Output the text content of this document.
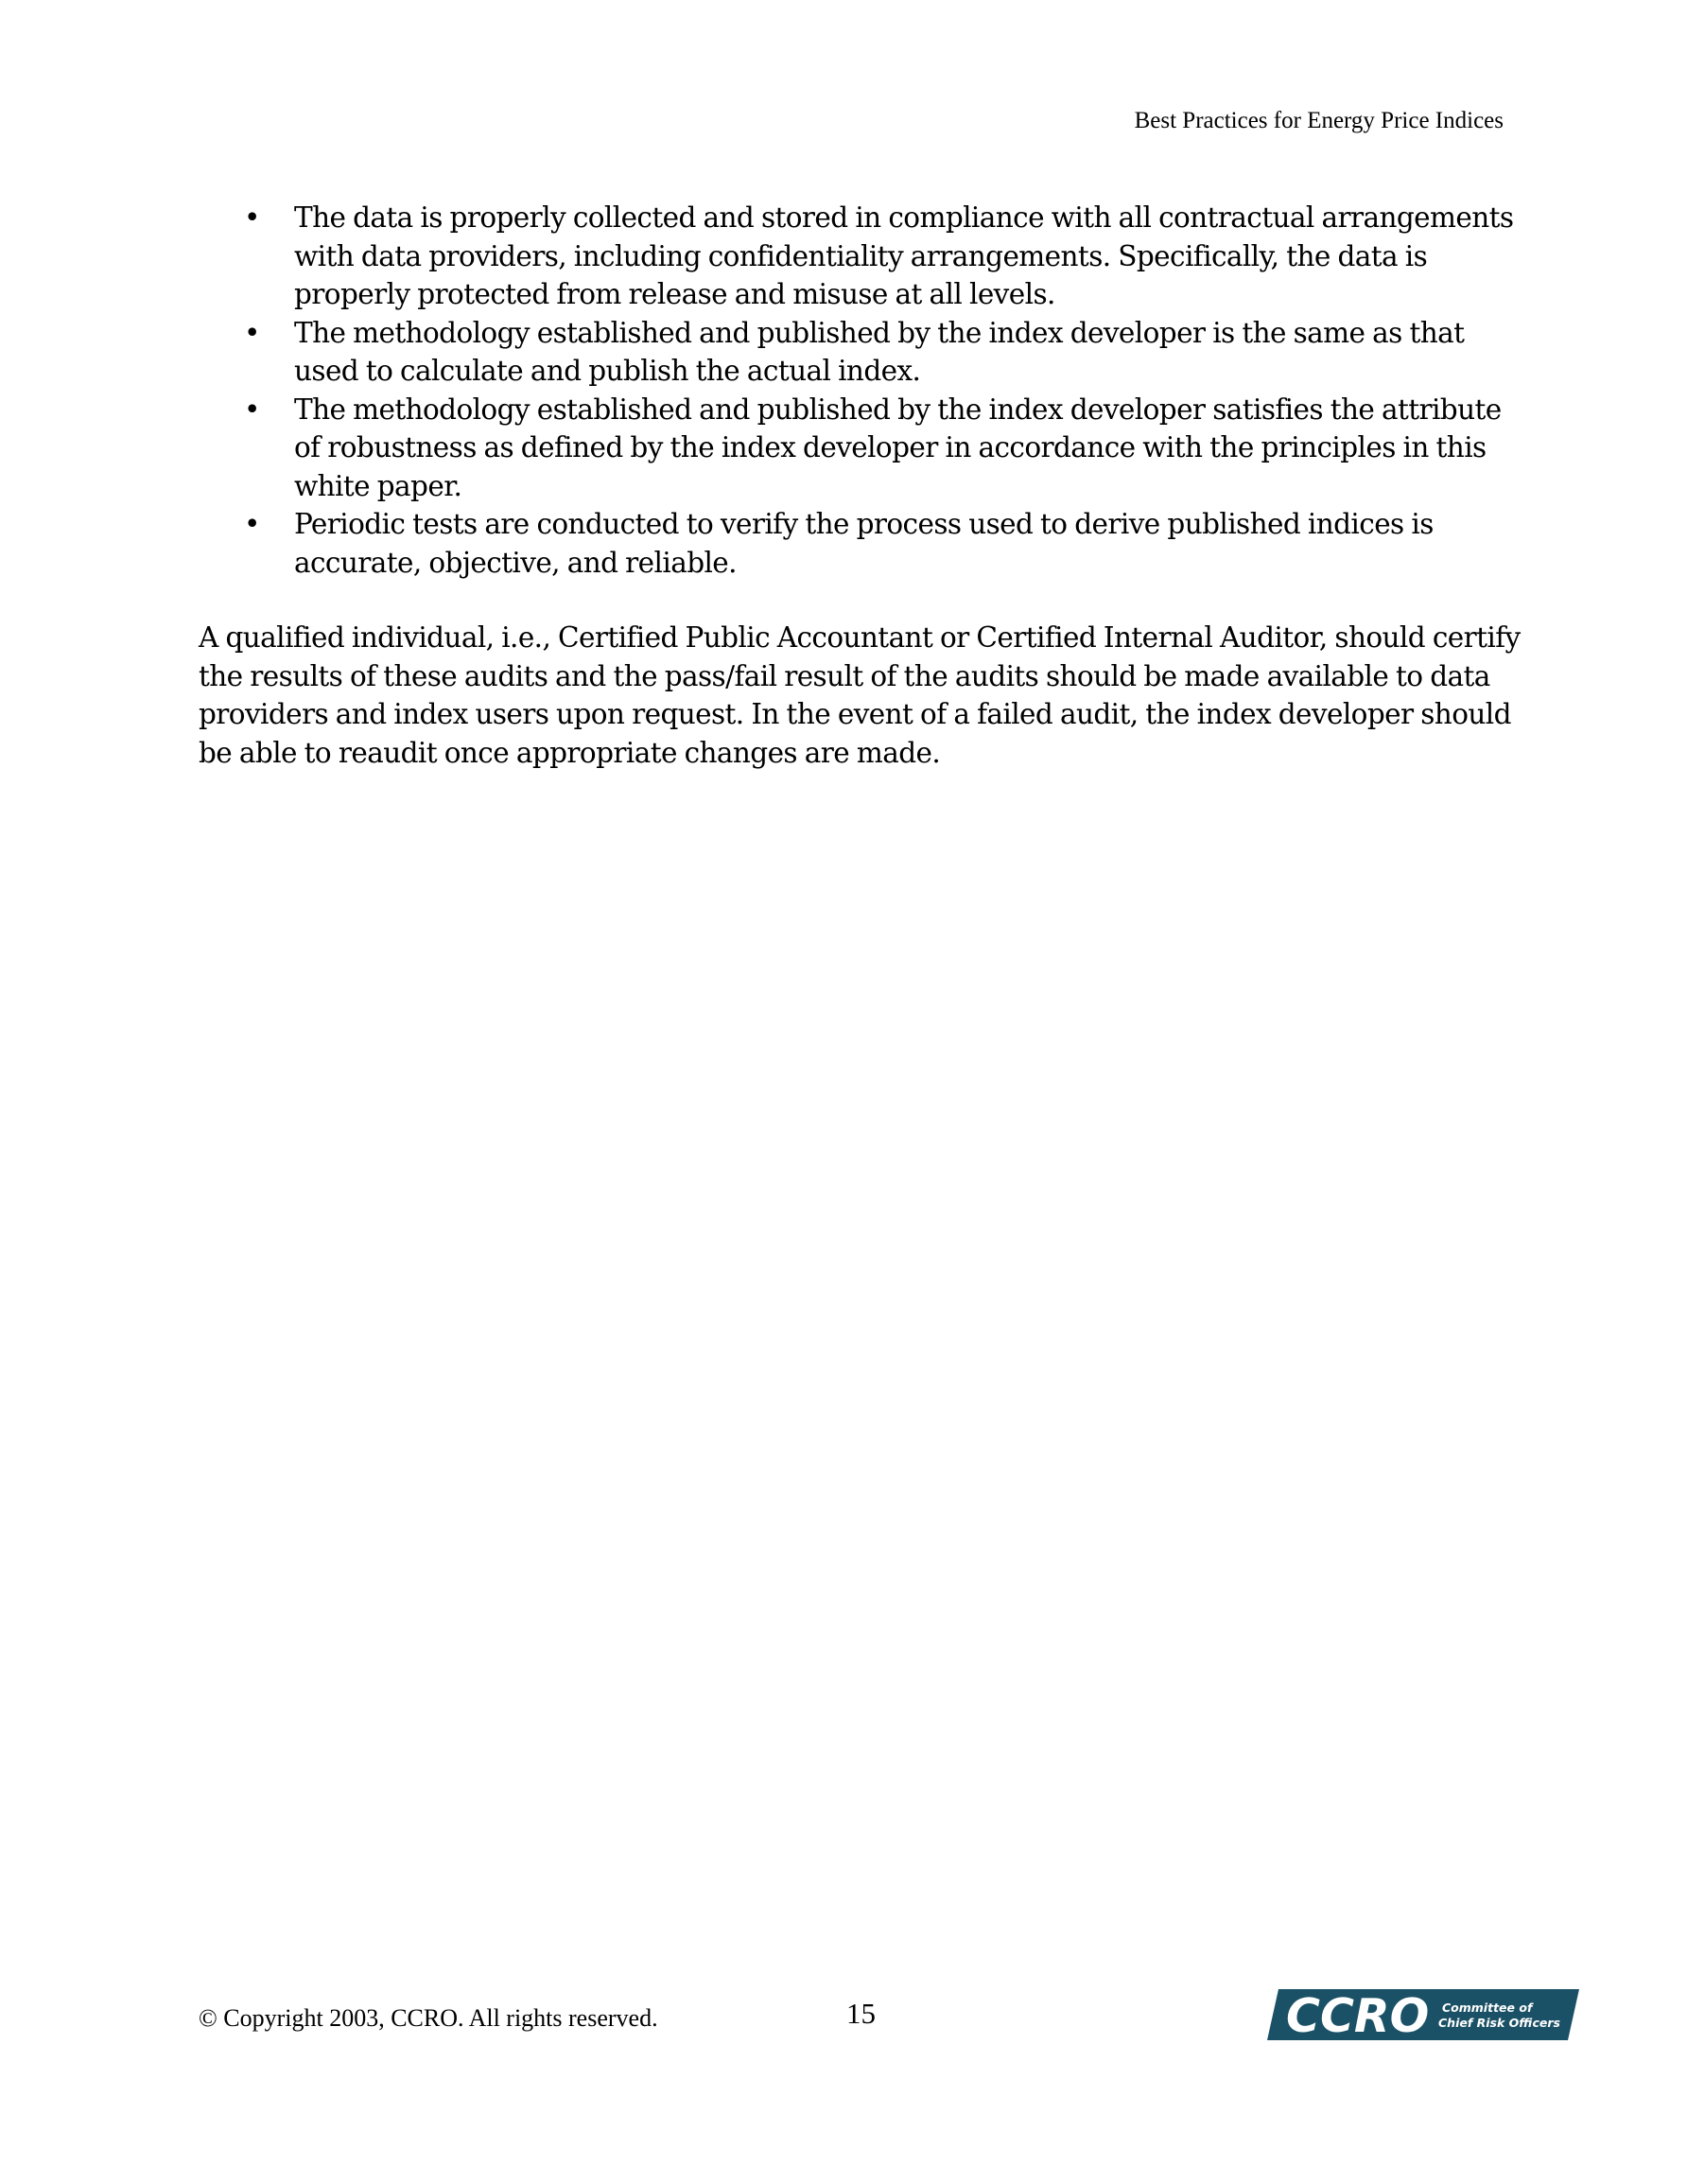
Best Practices for Energy Price Indices
• The data is properly collected and stored in compliance with all contractual arrangements with data providers, including confidentiality arrangements. Specifically, the data is properly protected from release and misuse at all levels.
• The methodology established and published by the index developer is the same as that used to calculate and publish the actual index.
• The methodology established and published by the index developer satisfies the attribute of robustness as defined by the index developer in accordance with the principles in this white paper.
• Periodic tests are conducted to verify the process used to derive published indices is accurate, objective, and reliable.

A qualified individual, i.e., Certified Public Accountant or Certified Internal Auditor, should certify the results of these audits and the pass/fail result of the audits should be made available to data providers and index users upon request. In the event of a failed audit, the index developer should be able to reaudit once appropriate changes are made.

© Copyright 2003, CCRO. All rights reserved.	15	CCRO Committee of
Chief Risk Officers
